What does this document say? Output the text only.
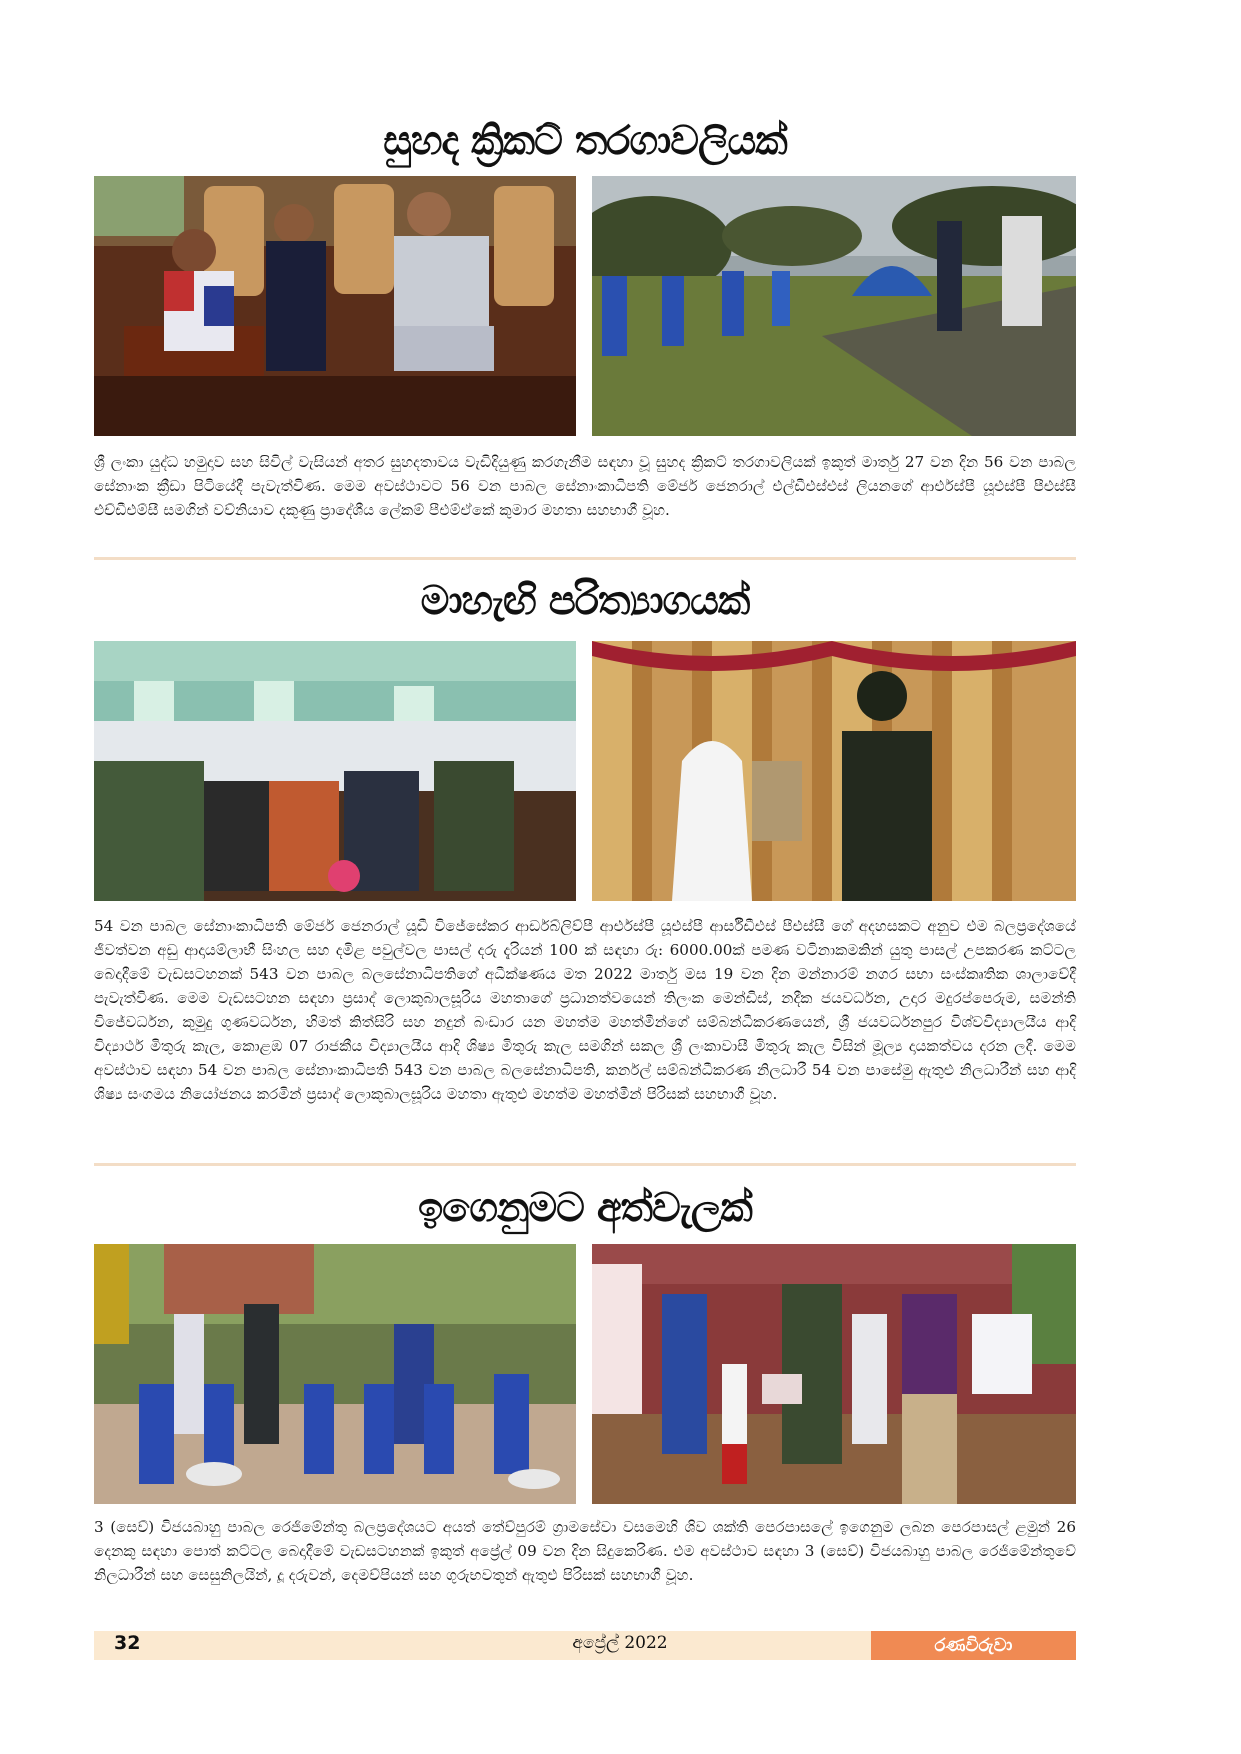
සුහද ක්‍රිකට් තරගාවලියක්

ශ්‍රී ලංකා යුද්ධ හමුදාව සහ සිවිල් වැසියන් අතර සුහදතාවය වැඩිදියුණු කරගැනීම සඳහා වූ සුහද ක්‍රිකට් තරගාවලියක් ඉකුත් මාර්තු 27 වන දින 56 වන පාබල සේනාංක ක්‍රීඩා පිටියේදී පැවැත්විණ. මෙම අවස්ථාවට 56 වන පාබල සේනාංකාධිපති මේජර් ජෙනරාල් එල්ඩීඑස්එස් ලියනගේ ආර්එස්පී යූඑස්පී පීඑස්සී එච්ඩීඑම්සී සමගින් වව්නියාව දකුණු ප්‍රාදේශීය ලේකම් පීඑම්ඒකේ කුමාර මහතා සහභාගී වූහ.

මාහැඟි පරිත්‍යාගයක්

54 වන පාබල සේනාංකාධිපති මේජර් ජෙනරාල් යූඩී විජේසේකර ආර්ඩබ්ලිව්පී ආර්එස්පී යූඑස්පී ආර්සීඩීඑස් පීඑස්සී ගේ අදහසකට අනුව එම බලප්‍රදේශයේ ජීවත්වන අඩු ආදායම්ලාභී සිංහල සහ දමිළ පවුල්වල පාසල් දරු දැරියන් 100 ක් සඳහා රු: 6000.00ක් පමණ වටිනාකමකින් යුතු පාසල් උපකරණ කට්ටල බෙදාදීමේ වැඩසටහනක් 543 වන පාබල බලසේනාධිපතිගේ අධීක්ෂණය මත 2022 මාර්තු මස 19 වන දින මන්නාරම් නගර සභා සංස්කෘතික ශාලාවේදී පැවැත්විණ. මෙම වැඩසටහන සඳහා ප්‍රසාද් ලොකුබාලසූරිය මහතාගේ ප්‍රධානත්වයෙන් තිලංක මෙන්ඩිස්, නදීක ජයවර්ධන, උදාර මදුරප්පෙරුම, සමන්ති විජේවර්ධන, කුමුදු ගුණවර්ධන, හිමත් කිත්සිරි සහ නදුන් බංඩාර යන මහත්ම මහත්මීන්ගේ සම්බන්ධීකරණයෙන්, ශ්‍රී ජයවර්ධනපුර විශ්වවිද්‍යාලයීය ආදි විද්‍යාර්ථ මිතුරු කැල, කොළඹ 07 රාජකීය විද්‍යාලයීය ආදි ශිෂ්‍ය මිතුරු කැල සමගින් සකල ශ්‍රී ලංකාවාසී මිතුරු කැල විසින් මූල්‍ය දායකත්වය දරන ලදී. මෙම අවස්ථාව සඳහා 54 වන පාබල සේනාංකාධිපති 543 වන පාබල බලසේනාධිපති, කර්නල් සම්බන්ධීකරණ නිලධාරී 54 වන පාසේමු ඇතුළු නිලධාරීන් සහ ආදි ශිෂ්‍ය සංගමය නියෝජනය කරමින් ප්‍රසාද් ලොකුබාලසූරිය මහතා ඇතුළු මහත්ම මහත්මීන් පිරිසක් සහභාගී වූහ.

ඉගෙනුමට අත්වැලක්

3 (සෙව්) විජයබාහු පාබල රෙජිමේන්තු බලප්‍රදේශයට අයත් තේව්පුරම් ග්‍රාමසේවා වසමෙහි ශිව ශක්ති පෙරපාසලේ ඉගෙනුම ලබන පෙරපාසල් ළමුන් 26 දෙනකු සඳහා පොත් කට්ටල බෙදාදීමේ වැඩසටහනක් ඉකුත් අප්‍රේල් 09 වන දින සිදුකෙරිණ. එම අවස්ථාව සඳහා 3 (සෙව්) විජයබාහු පාබල රෙජිමේන්තුවේ නිලධාරීන් සහ සෙසුනිලයින්, දූ දරුවන්, දෙමව්පියන් සහ ගුරුභවතුන් ඇතුළු පිරිසක් සහභාගී වූහ.

32	අප්‍රේල් 2022	රණවිරුවා
